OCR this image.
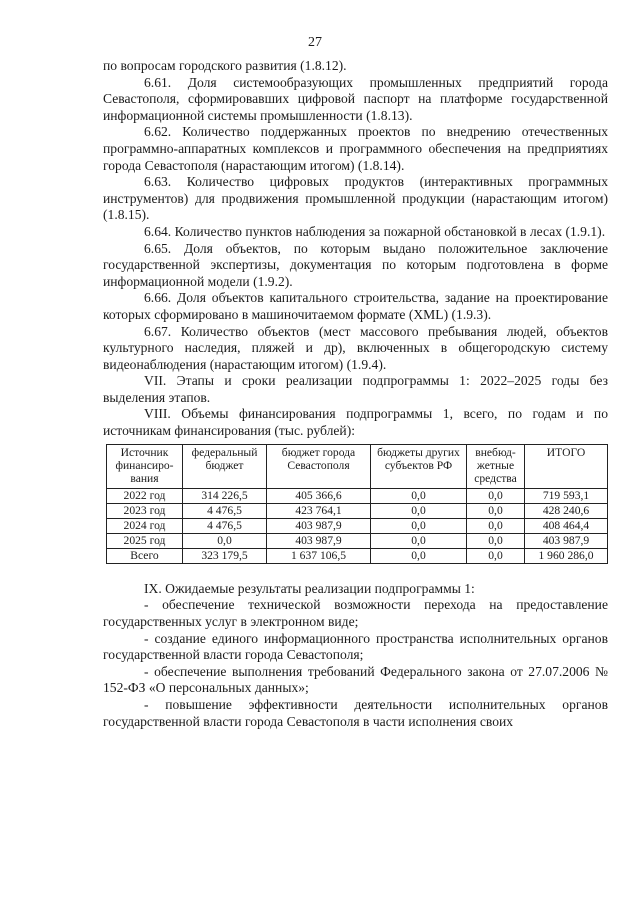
27

по вопросам городского развития (1.8.12).

6.61. Доля системообразующих промышленных предприятий города Севастополя, сформировавших цифровой паспорт на платформе государственной информационной системы промышленности (1.8.13).

6.62. Количество поддержанных проектов по внедрению отечественных программно-аппаратных комплексов и программного обеспечения на предприятиях города Севастополя (нарастающим итогом) (1.8.14).

6.63. Количество цифровых продуктов (интерактивных программных инструментов) для продвижения промышленной продукции (нарастающим итогом) (1.8.15).

6.64. Количество пунктов наблюдения за пожарной обстановкой в лесах (1.9.1).

6.65. Доля объектов, по которым выдано положительное заключение государственной экспертизы, документация по которым подготовлена в форме информационной модели (1.9.2).

6.66. Доля объектов капитального строительства, задание на проектирование которых сформировано в машиночитаемом формате (XML) (1.9.3).

6.67. Количество объектов (мест массового пребывания людей, объектов культурного наследия, пляжей и др), включенных в общегородскую систему видеонаблюдения (нарастающим итогом) (1.9.4).

VII. Этапы и сроки реализации подпрограммы 1: 2022–2025 годы без выделения этапов.

VIII. Объемы финансирования подпрограммы 1, всего, по годам и по источникам финансирования (тыс. рублей):

Источник финансиро-вания	федеральный бюджет	бюджет города Севастополя	бюджеты других субъектов РФ	внебюд-жетные средства	ИТОГО
2022 год	314 226,5	405 366,6	0,0	0,0	719 593,1
2023 год	4 476,5	423 764,1	0,0	0,0	428 240,6
2024 год	4 476,5	403 987,9	0,0	0,0	408 464,4
2025 год	0,0	403 987,9	0,0	0,0	403 987,9
Всего	323 179,5	1 637 106,5	0,0	0,0	1 960 286,0

IX. Ожидаемые результаты реализации подпрограммы 1:

- обеспечение технической возможности перехода на предоставление государственных услуг в электронном виде;

- создание единого информационного пространства исполнительных органов государственной власти города Севастополя;

- обеспечение выполнения требований Федерального закона от 27.07.2006 № 152-ФЗ «О персональных данных»;

- повышение эффективности деятельности исполнительных органов государственной власти города Севастополя в части исполнения своих
